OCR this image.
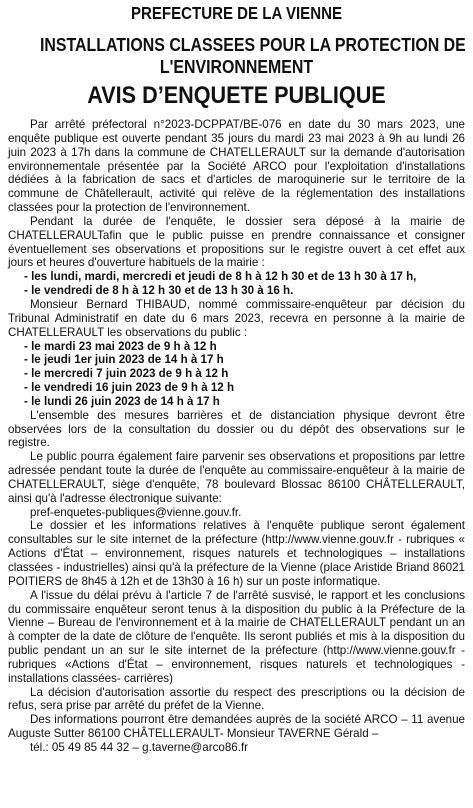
PREFECTURE DE LA VIENNE
INSTALLATIONS CLASSEES POUR LA PROTECTION DE
L'ENVIRONNEMENT
AVIS D’ENQUETE PUBLIQUE

Par arrêté préfectoral n°2023-DCPPAT/BE-076 en date du 30 mars 2023, une enquête publique est ouverte pendant 35 jours du mardi 23 mai 2023 à 9h au lundi 26 juin 2023 à 17h dans la commune de CHATELLERAULT sur la demande d'autorisation environnementale présentée par la Société ARCO pour l'exploitation d'installations dédiées à la fabrication de sacs et d'articles de maroquinerie sur le territoire de la commune de Châtellerault, activité qui relève de la réglementation des installations classées pour la protection de l'environnement.

Pendant la durée de l'enquête, le dossier sera déposé à la mairie de CHATELLERAULTafin que le public puisse en prendre connaissance et consigner éventuellement ses observations et propositions sur le registre ouvert à cet effet aux jours et heures d'ouverture habituels de la mairie :

- les lundi, mardi, mercredi et jeudi de 8 h à 12 h 30 et de 13 h 30 à 17 h,

- le vendredi de 8 h à 12 h 30 et de 13 h 30 à 16 h.

Monsieur Bernard THIBAUD, nommé commissaire-enquêteur par décision du Tribunal Administratif en date du 6 mars 2023, recevra en personne à la mairie de CHATELLERAULT les observations du public :

- le mardi 23 mai 2023 de 9 h à 12 h

- le jeudi 1er juin 2023 de 14 h à 17 h

- le mercredi 7 juin 2023 de 9 h à 12 h

- le vendredi 16 juin 2023 de 9 h à 12 h

- le lundi 26 juin 2023 de 14 h à 17 h

L'ensemble des mesures barrières et de distanciation physique devront être observées lors de la consultation du dossier ou du dépôt des observations sur le registre.

Le public pourra également faire parvenir ses observations et propositions par lettre adressée pendant toute la durée de l'enquête au commissaire-enquêteur à la mairie de CHATELLERAULT, siège d'enquête, 78 boulevard Blossac 86100 CHÂTELLERAULT, ainsi qu'à l'adresse électronique suivante:

pref-enquetes-publiques@vienne.gouv.fr.

Le dossier et les informations relatives à l'enquête publique seront également consultables sur le site internet de la préfecture (http://www.vienne.gouv.fr - rubriques « Actions d'État – environnement, risques naturels et technologiques – installations classées - industrielles) ainsi qu'à la préfecture de la Vienne (place Aristide Briand 86021 POITIERS de 8h45 à 12h et de 13h30 à 16 h) sur un poste informatique.

A l'issue du délai prévu à l'article 7 de l'arrêté susvisé, le rapport et les conclusions du commissaire enquêteur seront tenus à la disposition du public à la Préfecture de la Vienne – Bureau de l'environnement et à la mairie de CHATELLERAULT pendant un an à compter de la date de clôture de l'enquête. Ils seront publiés et mis à la disposition du public pendant un an sur le site internet de la préfecture (http://www.vienne.gouv.fr - rubriques «Actions d'État – environnement, risques naturels et technologiques - installations classées- carrières)

La décision d'autorisation assortie du respect des prescriptions ou la décision de refus, sera prise par arrêté du préfet de la Vienne.

Des informations pourront être demandées auprès de la société ARCO – 11 avenue Auguste Sutter 86100 CHÂTELLERAULT- Monsieur TAVERNE Gérald –

tél.: 05 49 85 44 32 – g.taverne@arco86.fr
